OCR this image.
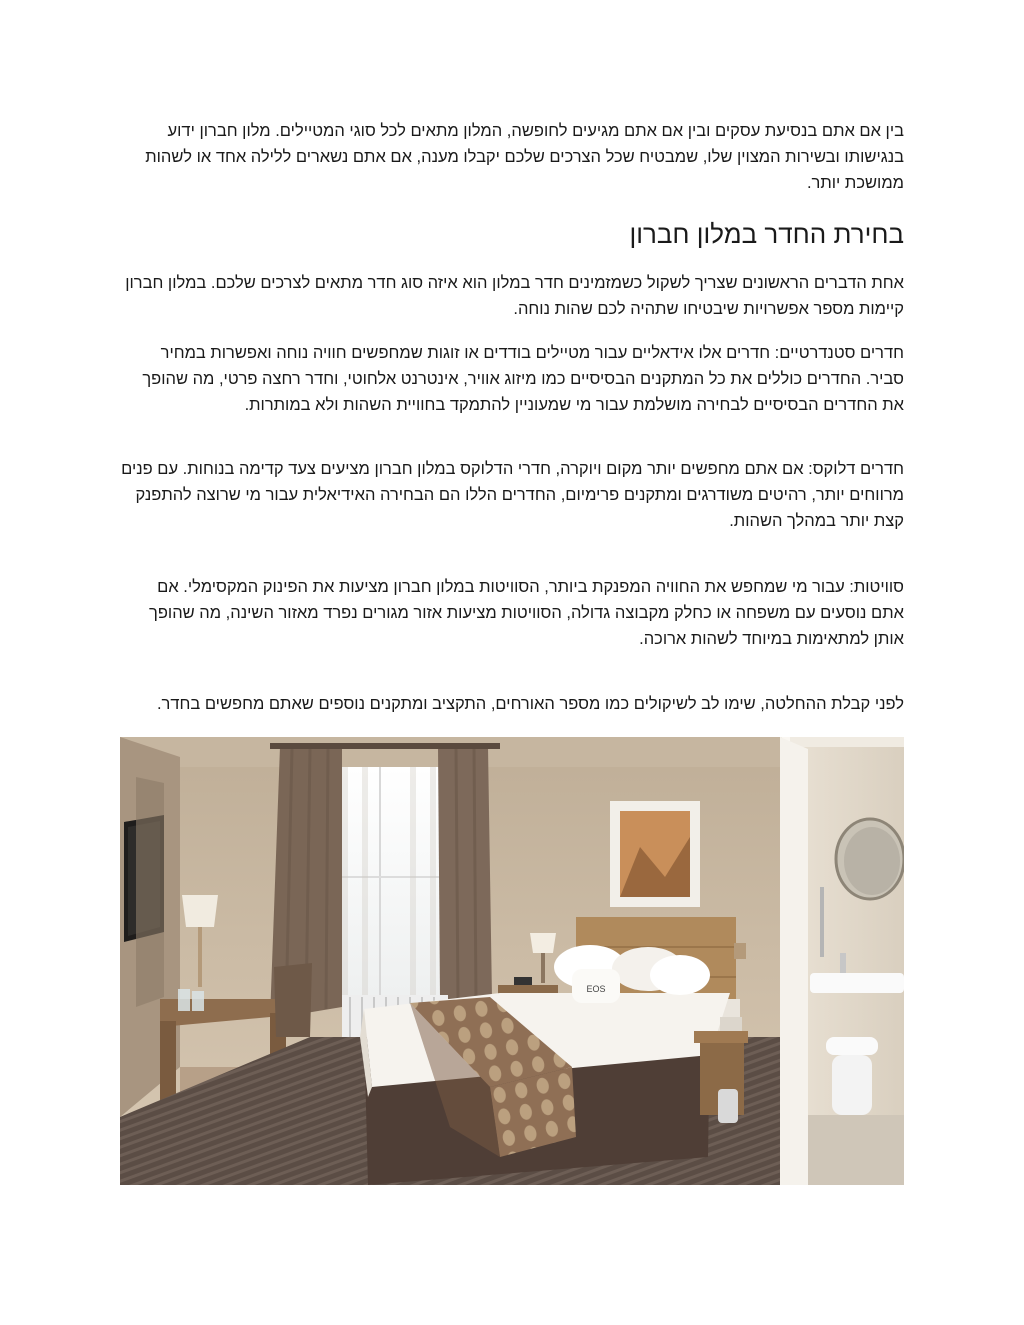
בין אם אתם בנסיעת עסקים ובין אם אתם מגיעים לחופשה, המלון מתאים לכל סוגי המטיילים. מלון חברון ידוע בנגישותו ובשירות המצוין שלו, שמבטיח שכל הצרכים שלכם יקבלו מענה, אם אתם נשארים ללילה אחד או לשהות ממושכת יותר.

בחירת החדר במלון חברון

אחת הדברים הראשונים שצריך לשקול כשמזמינים חדר במלון הוא איזה סוג חדר מתאים לצרכים שלכם. במלון חברון קיימות מספר אפשרויות שיבטיחו שתהיה לכם שהות נוחה.

חדרים סטנדרטיים: חדרים אלו אידאליים עבור מטיילים בודדים או זוגות שמחפשים חוויה נוחה ואפשרות במחיר סביר. החדרים כוללים את כל המתקנים הבסיסיים כמו מיזוג אוויר, אינטרנט אלחוטי, וחדר רחצה פרטי, מה שהופך את החדרים הבסיסיים לבחירה מושלמת עבור מי שמעוניין להתמקד בחוויית השהות ולא במותרות.

חדרים דלוקס: אם אתם מחפשים יותר מקום ויוקרה, חדרי הדלוקס במלון חברון מציעים צעד קדימה בנוחות. עם פנים מרווחים יותר, רהיטים משודרגים ומתקנים פרימיום, החדרים הללו הם הבחירה האידיאלית עבור מי שרוצה להתפנק קצת יותר במהלך השהות.

סוויטות: עבור מי שמחפש את החוויה המפנקת ביותר, הסוויטות במלון חברון מציעות את הפינוק המקסימלי. אם אתם נוסעים עם משפחה או כחלק מקבוצה גדולה, הסוויטות מציעות אזור מגורים נפרד מאזור השינה, מה שהופך אותן למתאימות במיוחד לשהות ארוכה.

לפני קבלת ההחלטה, שימו לב לשיקולים כמו מספר האורחים, התקציב ומתקנים נוספים שאתם מחפשים בחדר.

EOS
